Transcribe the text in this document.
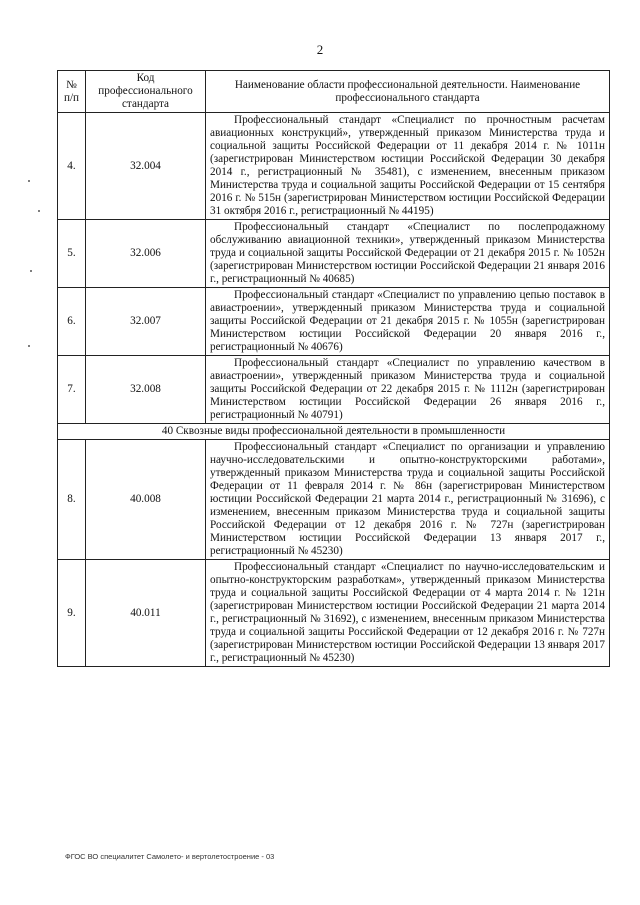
2
№ п/п	Код профессионального стандарта	Наименование области профессиональной деятельности. Наименование профессионального стандарта
4.	32.004	Профессиональный стандарт «Специалист по прочностным расчетам авиационных конструкций», утвержденный приказом Министерства труда и социальной защиты Российской Федерации от 11 декабря 2014 г. № 1011н (зарегистрирован Министерством юстиции Российской Федерации 30 декабря 2014 г., регистрационный № 35481), с изменением, внесенным приказом Министерства труда и социальной защиты Российской Федерации от 15 сентября 2016 г. № 515н (зарегистрирован Министерством юстиции Российской Федерации 31 октября 2016 г., регистрационный № 44195)
5.	32.006	Профессиональный стандарт «Специалист по послепродажному обслуживанию авиационной техники», утвержденный приказом Министерства труда и социальной защиты Российской Федерации от 21 декабря 2015 г. № 1052н (зарегистрирован Министерством юстиции Российской Федерации 21 января 2016 г., регистрационный № 40685)
6.	32.007	Профессиональный стандарт «Специалист по управлению цепью поставок в авиастроении», утвержденный приказом Министерства труда и социальной защиты Российской Федерации от 21 декабря 2015 г. № 1055н (зарегистрирован Министерством юстиции Российской Федерации 20 января 2016 г., регистрационный № 40676)
7.	32.008	Профессиональный стандарт «Специалист по управлению качеством в авиастроении», утвержденный приказом Министерства труда и социальной защиты Российской Федерации от 22 декабря 2015 г. № 1112н (зарегистрирован Министерством юстиции Российской Федерации 26 января 2016 г., регистрационный № 40791)
40 Сквозные виды профессиональной деятельности в промышленности		
8.	40.008	Профессиональный стандарт «Специалист по организации и управлению научно-исследовательскими и опытно-конструкторскими работами», утвержденный приказом Министерства труда и социальной защиты Российской Федерации от 11 февраля 2014 г. № 86н (зарегистрирован Министерством юстиции Российской Федерации 21 марта 2014 г., регистрационный № 31696), с изменением, внесенным приказом Министерства труда и социальной защиты Российской Федерации от 12 декабря 2016 г. № 727н (зарегистрирован Министерством юстиции Российской Федерации 13 января 2017 г., регистрационный № 45230)
9.	40.011	Профессиональный стандарт «Специалист по научно-исследовательским и опытно-конструкторским разработкам», утвержденный приказом Министерства труда и социальной защиты Российской Федерации от 4 марта 2014 г. № 121н (зарегистрирован Министерством юстиции Российской Федерации 21 марта 2014 г., регистрационный № 31692), с изменением, внесенным приказом Министерства труда и социальной защиты Российской Федерации от 12 декабря 2016 г. № 727н (зарегистрирован Министерством юстиции Российской Федерации 13 января 2017 г., регистрационный № 45230)
ФГОС ВО специалитет Самолето- и вертолетостроение - 03
